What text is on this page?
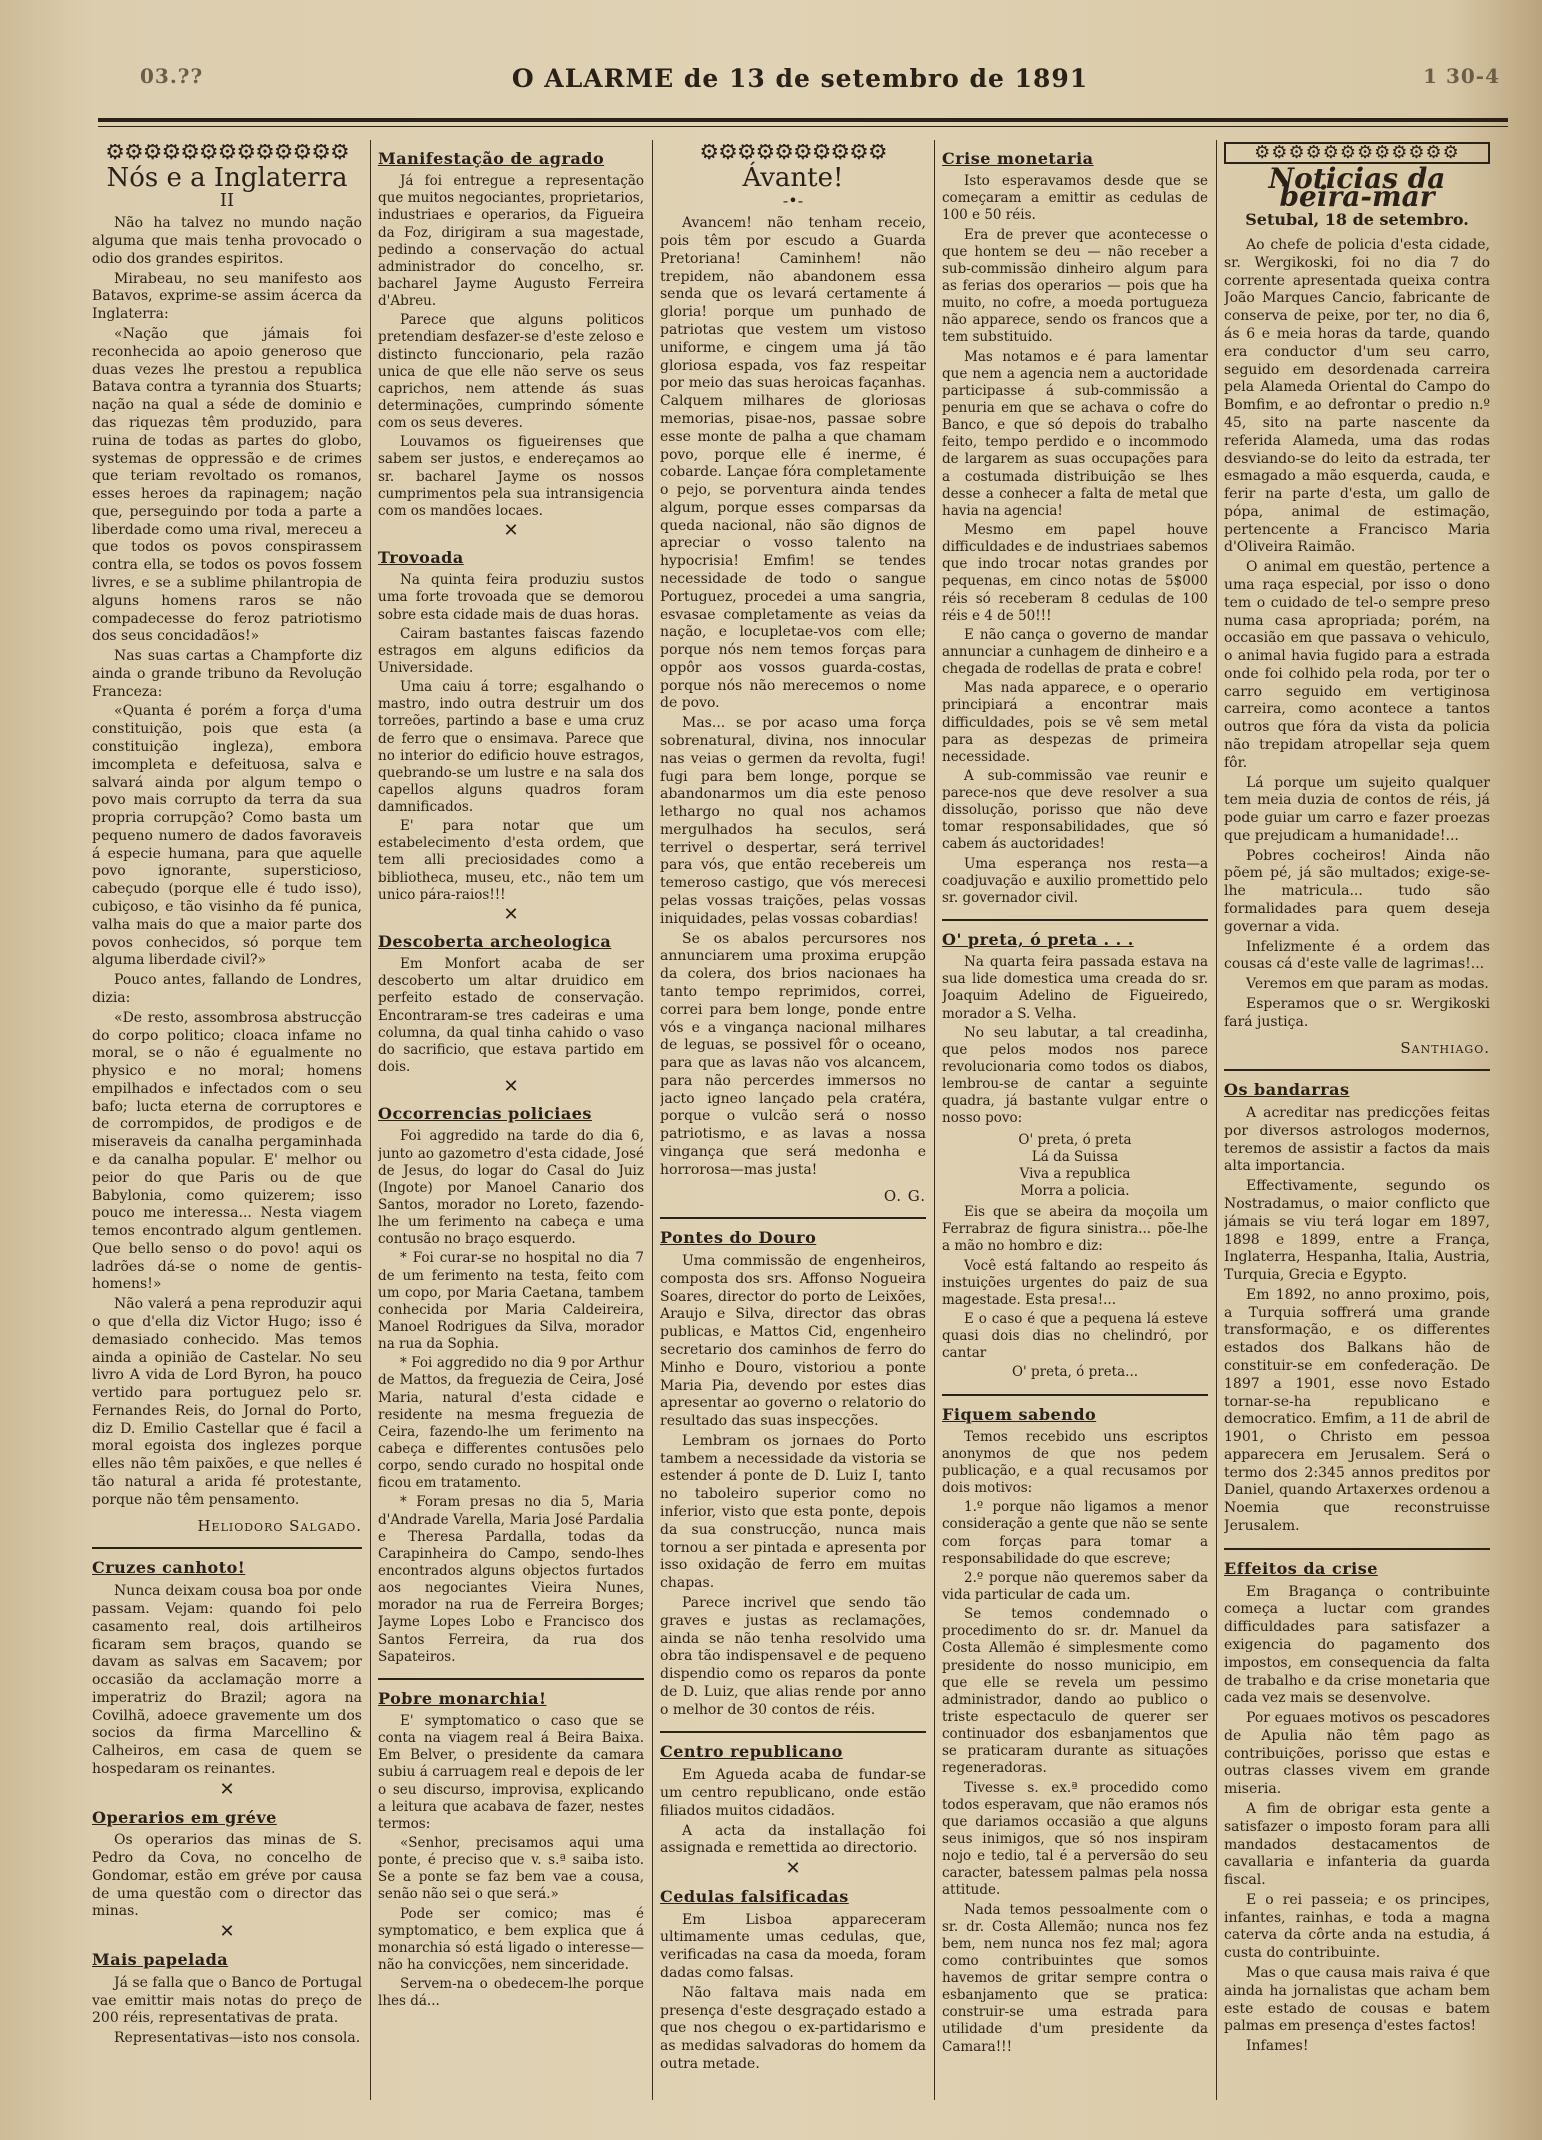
03.??	O ALARME de 13 de setembro de 1891	1 30-4
⚙⚙⚙⚙⚙⚙⚙⚙⚙⚙⚙⚙⚙
Nós e a Inglaterra
II

Não ha talvez no mundo nação alguma que mais tenha provocado o odio dos grandes espiritos.

Mirabeau, no seu manifesto aos Batavos, exprime-se assim ácerca da Inglaterra:

«Nação que jámais foi reconhecida ao apoio generoso que duas vezes lhe prestou a republica Batava contra a tyrannia dos Stuarts; nação na qual a séde de dominio e das riquezas têm produzido, para ruina de todas as partes do globo, systemas de oppressão e de crimes que teriam revoltado os romanos, esses heroes da rapinagem; nação que, perseguindo por toda a parte a liberdade como uma rival, mereceu a que todos os povos conspirassem contra ella, se todos os povos fossem livres, e se a sublime philantropia de alguns homens raros se não compadecesse do feroz patriotismo dos seus concidadãos!»

Nas suas cartas a Champforte diz ainda o grande tribuno da Revolução Franceza:

«Quanta é porém a força d'uma constituição, pois que esta (a constituição ingleza), embora imcompleta e defeituosa, salva e salvará ainda por algum tempo o povo mais corrupto da terra da sua propria corrupção? Como basta um pequeno numero de dados favoraveis á especie humana, para que aquelle povo ignorante, supersticioso, cabeçudo (porque elle é tudo isso), cubiçoso, e tão visinho da fé punica, valha mais do que a maior parte dos povos conhecidos, só porque tem alguma liberdade civil?»

Pouco antes, fallando de Londres, dizia:

«De resto, assombrosa abstrucção do corpo politico; cloaca infame no moral, se o não é egualmente no physico e no moral; homens empilhados e infectados com o seu bafo; lucta eterna de corruptores e de corrompidos, de prodigos e de miseraveis da canalha pergaminhada e da canalha popular. E' melhor ou peior do que Paris ou de que Babylonia, como quizerem; isso pouco me interessa... Nesta viagem temos encontrado algum gentlemen. Que bello senso o do povo! aqui os ladrões dá-se o nome de gentis-homens!»

Não valerá a pena reproduzir aqui o que d'ella diz Victor Hugo; isso é demasiado conhecido. Mas temos ainda a opinião de Castelar. No seu livro A vida de Lord Byron, ha pouco vertido para portuguez pelo sr. Fernandes Reis, do Jornal do Porto, diz D. Emilio Castellar que é facil a moral egoista dos inglezes porque elles não têm paixões, e que nelles é tão natural a arida fé protestante, porque não têm pensamento.

Heliodoro Salgado.
Cruzes canhoto!

Nunca deixam cousa boa por onde passam. Vejam: quando foi pelo casamento real, dois artilheiros ficaram sem braços, quando se davam as salvas em Sacavem; por occasião da acclamação morre a imperatriz do Brazil; agora na Covilhã, adoece gravemente um dos socios da firma Marcellino & Calheiros, em casa de quem se hospedaram os reinantes.

✕
Operarios em gréve

Os operarios das minas de S. Pedro da Cova, no concelho de Gondomar, estão em gréve por causa de uma questão com o director das minas.

✕
Mais papelada

Já se falla que o Banco de Portugal vae emittir mais notas do preço de 200 réis, representativas de prata.

Representativas—isto nos consola.

Manifestação de agrado

Já foi entregue a representação que muitos negociantes, proprietarios, industriaes e operarios, da Figueira da Foz, dirigiram a sua magestade, pedindo a conservação do actual administrador do concelho, sr. bacharel Jayme Augusto Ferreira d'Abreu.

Parece que alguns politicos pretendiam desfazer-se d'este zeloso e distincto funccionario, pela razão unica de que elle não serve os seus caprichos, nem attende ás suas determinações, cumprindo sómente com os seus deveres.

Louvamos os figueirenses que sabem ser justos, e endereçamos ao sr. bacharel Jayme os nossos cumprimentos pela sua intransigencia com os mandões locaes.

✕
Trovoada

Na quinta feira produziu sustos uma forte trovoada que se demorou sobre esta cidade mais de duas horas.

Cairam bastantes faiscas fazendo estragos em alguns edificios da Universidade.

Uma caiu á torre; esgalhando o mastro, indo outra destruir um dos torreões, partindo a base e uma cruz de ferro que o ensimava. Parece que no interior do edificio houve estragos, quebrando-se um lustre e na sala dos capellos alguns quadros foram damnificados.

E' para notar que um estabelecimento d'esta ordem, que tem alli preciosidades como a bibliotheca, museu, etc., não tem um unico pára-raios!!!

✕
Descoberta archeologica

Em Monfort acaba de ser descoberto um altar druidico em perfeito estado de conservação. Encontraram-se tres cadeiras e uma columna, da qual tinha cahido o vaso do sacrificio, que estava partido em dois.

✕
Occorrencias policiaes

Foi aggredido na tarde do dia 6, junto ao gazometro d'esta cidade, José de Jesus, do logar do Casal do Juiz (Ingote) por Manoel Canario dos Santos, morador no Loreto, fazendo-lhe um ferimento na cabeça e uma contusão no braço esquerdo.

* Foi curar-se no hospital no dia 7 de um ferimento na testa, feito com um copo, por Maria Caetana, tambem conhecida por Maria Caldeireira, Manoel Rodrigues da Silva, morador na rua da Sophia.

* Foi aggredido no dia 9 por Arthur de Mattos, da freguezia de Ceira, José Maria, natural d'esta cidade e residente na mesma freguezia de Ceira, fazendo-lhe um ferimento na cabeça e differentes contusões pelo corpo, sendo curado no hospital onde ficou em tratamento.

* Foram presas no dia 5, Maria d'Andrade Varella, Maria José Pardalia e Theresa Pardalla, todas da Carapinheira do Campo, sendo-lhes encontrados alguns objectos furtados aos negociantes Vieira Nunes, morador na rua de Ferreira Borges; Jayme Lopes Lobo e Francisco dos Santos Ferreira, da rua dos Sapateiros.

Pobre monarchia!

E' symptomatico o caso que se conta na viagem real á Beira Baixa. Em Belver, o presidente da camara subiu á carruagem real e depois de ler o seu discurso, improvisa, explicando a leitura que acabava de fazer, nestes termos:

«Senhor, precisamos aqui uma ponte, é preciso que v. s.ª saiba isto. Se a ponte se faz bem vae a cousa, senão não sei o que será.»

Pode ser comico; mas é symptomatico, e bem explica que á monarchia só está ligado o interesse—não ha convicções, nem sinceridade.

Servem-na o obedecem-lhe porque lhes dá...

⚙⚙⚙⚙⚙⚙⚙⚙⚙⚙
Ávante!
-•-

Avancem! não tenham receio, pois têm por escudo a Guarda Pretoriana! Caminhem! não trepidem, não abandonem essa senda que os levará certamente á gloria! porque um punhado de patriotas que vestem um vistoso uniforme, e cingem uma já tão gloriosa espada, vos faz respeitar por meio das suas heroicas façanhas. Calquem milhares de gloriosas memorias, pisae-nos, passae sobre esse monte de palha a que chamam povo, porque elle é inerme, é cobarde. Lançae fóra completamente o pejo, se porventura ainda tendes algum, porque esses comparsas da queda nacional, não são dignos de apreciar o vosso talento na hypocrisia! Emfim! se tendes necessidade de todo o sangue Portuguez, procedei a uma sangria, esvasae completamente as veias da nação, e locupletae-vos com elle; porque nós nem temos forças para oppôr aos vossos guarda-costas, porque nós não merecemos o nome de povo.

Mas... se por acaso uma força sobrenatural, divina, nos innocular nas veias o germen da revolta, fugi! fugi para bem longe, porque se abandonarmos um dia este penoso lethargo no qual nos achamos mergulhados ha seculos, será terrivel o despertar, será terrivel para vós, que então recebereis um temeroso castigo, que vós merecesi pelas vossas traições, pelas vossas iniquidades, pelas vossas cobardias!

Se os abalos percursores nos annunciarem uma proxima erupção da colera, dos brios nacionaes ha tanto tempo reprimidos, correi, correi para bem longe, ponde entre vós e a vingança nacional milhares de leguas, se possivel fôr o oceano, para que as lavas não vos alcancem, para não percerdes immersos no jacto igneo lançado pela cratéra, porque o vulcão será o nosso patriotismo, e as lavas a nossa vingança que será medonha e horrorosa—mas justa!

O. G.
Pontes do Douro

Uma commissão de engenheiros, composta dos srs. Affonso Nogueira Soares, director do porto de Leixões, Araujo e Silva, director das obras publicas, e Mattos Cid, engenheiro secretario dos caminhos de ferro do Minho e Douro, vistoriou a ponte Maria Pia, devendo por estes dias apresentar ao governo o relatorio do resultado das suas inspecções.

Lembram os jornaes do Porto tambem a necessidade da vistoria se estender á ponte de D. Luiz I, tanto no taboleiro superior como no inferior, visto que esta ponte, depois da sua construcção, nunca mais tornou a ser pintada e apresenta por isso oxidação de ferro em muitas chapas.

Parece incrivel que sendo tão graves e justas as reclamações, ainda se não tenha resolvido uma obra tão indispensavel e de pequeno dispendio como os reparos da ponte de D. Luiz, que alias rende por anno o melhor de 30 contos de réis.

Centro republicano

Em Agueda acaba de fundar-se um centro republicano, onde estão filiados muitos cidadãos.

A acta da installação foi assignada e remettida ao directorio.

✕
Cedulas falsificadas

Em Lisboa appareceram ultimamente umas cedulas, que, verificadas na casa da moeda, foram dadas como falsas.

Não faltava mais nada em presença d'este desgraçado estado a que nos chegou o ex-partidarismo e as medidas salvadoras do homem da outra metade.

Crise monetaria

Isto esperavamos desde que se começaram a emittir as cedulas de 100 e 50 réis.

Era de prever que acontecesse o que hontem se deu — não receber a sub-commissão dinheiro algum para as ferias dos operarios — pois que ha muito, no cofre, a moeda portugueza não apparece, sendo os francos que a tem substituido.

Mas notamos e é para lamentar que nem a agencia nem a auctoridade participasse á sub-commissão a penuria em que se achava o cofre do Banco, e que só depois do trabalho feito, tempo perdido e o incommodo de largarem as suas occupações para a costumada distribuição se lhes desse a conhecer a falta de metal que havia na agencia!

Mesmo em papel houve difficuldades e de industriaes sabemos que indo trocar notas grandes por pequenas, em cinco notas de 5$000 réis só receberam 8 cedulas de 100 réis e 4 de 50!!!

E não cança o governo de mandar annunciar a cunhagem de dinheiro e a chegada de rodellas de prata e cobre!

Mas nada apparece, e o operario principiará a encontrar mais difficuldades, pois se vê sem metal para as despezas de primeira necessidade.

A sub-commissão vae reunir e parece-nos que deve resolver a sua dissolução, porisso que não deve tomar responsabilidades, que só cabem ás auctoridades!

Uma esperança nos resta—a coadjuvação e auxilio promettido pelo sr. governador civil.

O' preta, ó preta . . .

Na quarta feira passada estava na sua lide domestica uma creada do sr. Joaquim Adelino de Figueiredo, morador a S. Velha.

No seu labutar, a tal creadinha, que pelos modos nos parece revolucionaria como todos os diabos, lembrou-se de cantar a seguinte quadra, já bastante vulgar entre o nosso povo:

O' preta, ó preta
Lá da Suissa
Viva a republica
Morra a policia.

Eis que se abeira da moçoila um Ferrabraz de figura sinistra... põe-lhe a mão no hombro e diz:

Você está faltando ao respeito ás instuições urgentes do paiz de sua magestade. Esta presa!...

E o caso é que a pequena lá esteve quasi dois dias no chelindró, por cantar

O' preta, ó preta...
Fiquem sabendo

Temos recebido uns escriptos anonymos de que nos pedem publicação, e a qual recusamos por dois motivos:

1.º porque não ligamos a menor consideração a gente que não se sente com forças para tomar a responsabilidade do que escreve;

2.º porque não queremos saber da vida particular de cada um.

Se temos condemnado o procedimento do sr. dr. Manuel da Costa Allemão é simplesmente como presidente do nosso municipio, em que elle se revela um pessimo administrador, dando ao publico o triste espectaculo de querer ser continuador dos esbanjamentos que se praticaram durante as situações regeneradoras.

Tivesse s. ex.ª procedido como todos esperavam, que não eramos nós que dariamos occasião a que alguns seus inimigos, que só nos inspiram nojo e tedio, tal é a perversão do seu caracter, batessem palmas pela nossa attitude.

Nada temos pessoalmente com o sr. dr. Costa Allemão; nunca nos fez bem, nem nunca nos fez mal; agora como contribuintes que somos havemos de gritar sempre contra o esbanjamento que se pratica: construir-se uma estrada para utilidade d'um presidente da Camara!!!

⚙⚙⚙⚙⚙⚙⚙⚙⚙⚙⚙⚙
Noticias da beira-mar
Setubal, 18 de setembro.

Ao chefe de policia d'esta cidade, sr. Wergikoski, foi no dia 7 do corrente apresentada queixa contra João Marques Cancio, fabricante de conserva de peixe, por ter, no dia 6, ás 6 e meia horas da tarde, quando era conductor d'um seu carro, seguido em desordenada carreira pela Alameda Oriental do Campo do Bomfim, e ao defrontar o predio n.º 45, sito na parte nascente da referida Alameda, uma das rodas desviando-se do leito da estrada, ter esmagado a mão esquerda, cauda, e ferir na parte d'esta, um gallo de pópa, animal de estimação, pertencente a Francisco Maria d'Oliveira Raimão.

O animal em questão, pertence a uma raça especial, por isso o dono tem o cuidado de tel-o sempre preso numa casa apropriada; porém, na occasião em que passava o vehiculo, o animal havia fugido para a estrada onde foi colhido pela roda, por ter o carro seguido em vertiginosa carreira, como acontece a tantos outros que fóra da vista da policia não trepidam atropellar seja quem fôr.

Lá porque um sujeito qualquer tem meia duzia de contos de réis, já pode guiar um carro e fazer proezas que prejudicam a humanidade!...

Pobres cocheiros! Ainda não põem pé, já são multados; exige-se-lhe matricula... tudo são formalidades para quem deseja governar a vida.

Infelizmente é a ordem das cousas cá d'este valle de lagrimas!...

Veremos em que param as modas.

Esperamos que o sr. Wergikoski fará justiça.

Santhiago.
Os bandarras

A acreditar nas predicções feitas por diversos astrologos modernos, teremos de assistir a factos da mais alta importancia.

Effectivamente, segundo os Nostradamus, o maior conflicto que jámais se viu terá logar em 1897, 1898 e 1899, entre a França, Inglaterra, Hespanha, Italia, Austria, Turquia, Grecia e Egypto.

Em 1892, no anno proximo, pois, a Turquia soffrerá uma grande transformação, e os differentes estados dos Balkans hão de constituir-se em confederação. De 1897 a 1901, esse novo Estado tornar-se-ha republicano e democratico. Emfim, a 11 de abril de 1901, o Christo em pessoa apparecera em Jerusalem. Será o termo dos 2:345 annos preditos por Daniel, quando Artaxerxes ordenou a Noemia que reconstruisse Jerusalem.

Effeitos da crise

Em Bragança o contribuinte começa a luctar com grandes difficuldades para satisfazer a exigencia do pagamento dos impostos, em consequencia da falta de trabalho e da crise monetaria que cada vez mais se desenvolve.

Por eguaes motivos os pescadores de Apulia não têm pago as contribuições, porisso que estas e outras classes vivem em grande miseria.

A fim de obrigar esta gente a satisfazer o imposto foram para alli mandados destacamentos de cavallaria e infanteria da guarda fiscal.

E o rei passeia; e os principes, infantes, rainhas, e toda a magna caterva da côrte anda na estudia, á custa do contribuinte.

Mas o que causa mais raiva é que ainda ha jornalistas que acham bem este estado de cousas e batem palmas em presença d'estes factos!

Infames!
